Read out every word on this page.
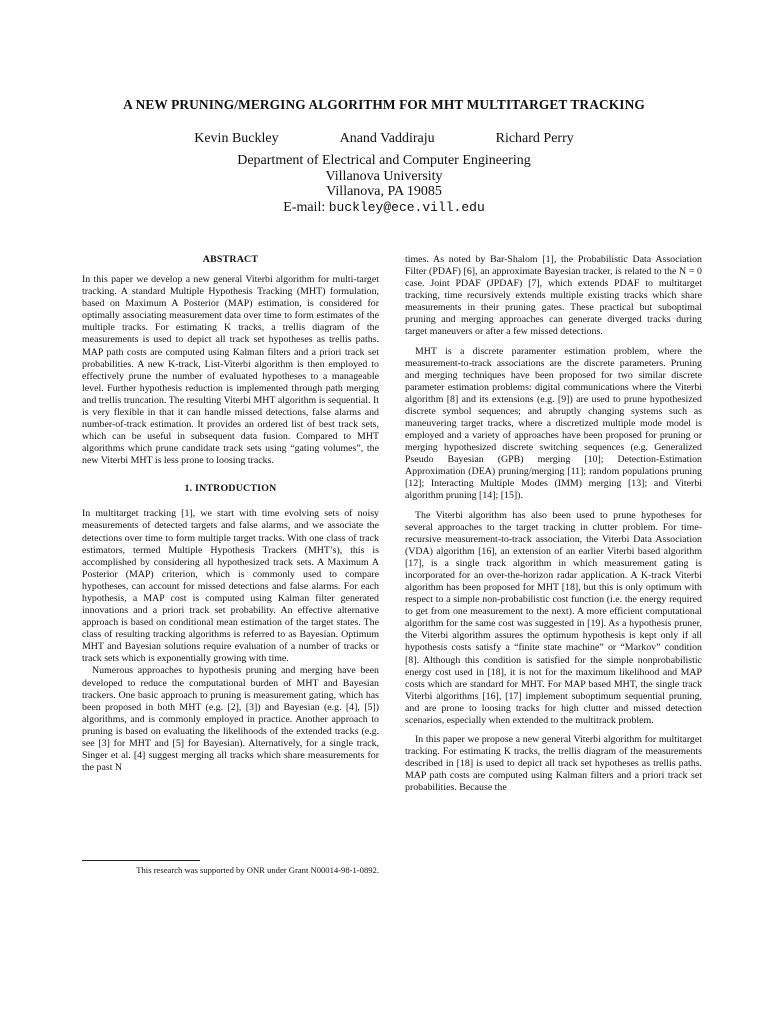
A NEW PRUNING/MERGING ALGORITHM FOR MHT MULTITARGET TRACKING
Kevin Buckley	Anand Vaddiraju	Richard Perry
Department of Electrical and Computer Engineering
Villanova University
Villanova, PA 19085
E-mail: buckley@ece.vill.edu
ABSTRACT

In this paper we develop a new general Viterbi algorithm for multi-target tracking. A standard Multiple Hypothesis Tracking (MHT) formulation, based on Maximum A Posterior (MAP) estimation, is considered for optimally associating measurement data over time to form estimates of the multiple tracks. For estimating K tracks, a trellis diagram of the measurements is used to depict all track set hypotheses as trellis paths. MAP path costs are computed using Kalman filters and a priori track set probabilities. A new K-track, List-Viterbi algorithm is then employed to effectively prune the number of evaluated hypotheses to a manageable level. Further hypothesis reduction is implemented through path merging and trellis truncation. The resulting Viterbi MHT algorithm is sequential. It is very flexible in that it can handle missed detections, false alarms and number-of-track estimation. It provides an ordered list of best track sets, which can be useful in subsequent data fusion. Compared to MHT algorithms which prune candidate track sets using “gating volumes”, the new Viterbi MHT is less prone to loosing tracks.

1. INTRODUCTION

In multitarget tracking [1], we start with time evolving sets of noisy measurements of detected targets and false alarms, and we associate the detections over time to form multiple target tracks. With one class of track estimators, termed Multiple Hypothesis Trackers (MHT’s), this is accomplished by considering all hypothesized track sets. A Maximum A Posterior (MAP) criterion, which is commonly used to compare hypotheses, can account for missed detections and false alarms. For each hypothesis, a MAP cost is computed using Kalman filter generated innovations and a priori track set probability. An effective alternative approach is based on conditional mean estimation of the target states. The class of resulting tracking algorithms is referred to as Bayesian. Optimum MHT and Bayesian solutions require evaluation of a number of tracks or track sets which is exponentially growing with time.

Numerous approaches to hypothesis pruning and merging have been developed to reduce the computational burden of MHT and Bayesian trackers. One basic approach to pruning is measurement gating, which has been proposed in both MHT (e.g. [2], [3]) and Bayesian (e.g. [4], [5]) algorithms, and is commonly employed in practice. Another approach to pruning is based on evaluating the likelihoods of the extended tracks (e.g. see [3] for MHT and [5] for Bayesian). Alternatively, for a single track, Singer et al. [4] suggest merging all tracks which share measurements for the past N

This research was supported by ONR under Grant N00014-98-1-0892.

times. As noted by Bar-Shalom [1], the Probabilistic Data Association Filter (PDAF) [6], an approximate Bayesian tracker, is related to the N = 0 case. Joint PDAF (JPDAF) [7], which extends PDAF to multitarget tracking, time recursively extends multiple existing tracks which share measurements in their pruning gates. These practical but suboptimal pruning and merging approaches can generate diverged tracks during target maneuvers or after a few missed detections.

MHT is a discrete paramenter estimation problem, where the measurement-to-track associations are the discrete parameters. Pruning and merging techniques have been proposed for two similar discrete parameter estimation problems: digital communications where the Viterbi algorithm [8] and its extensions (e.g. [9]) are used to prune hypothesized discrete symbol sequences; and abruptly changing systems such as maneuvering target tracks, where a discretized multiple mode model is employed and a variety of approaches have been proposed for pruning or merging hypothesized discrete switching sequences (e.g. Generalized Pseudo Bayesian (GPB) merging [10]; Detection-Estimation Approximation (DEA) pruning/merging [11]; random populations pruning [12]; Interacting Multiple Modes (IMM) merging [13]; and Viterbi algorithm pruning [14]; [15]).

The Viterbi algorithm has also been used to prune hypotheses for several approaches to the target tracking in clutter problem. For time-recursive measurement-to-track association, the Viterbi Data Association (VDA) algorithm [16], an extension of an earlier Viterbi based algorithm [17], is a single track algorithm in which measurement gating is incorporated for an over-the-horizon radar application. A K-track Viterbi algorithm has been proposed for MHT [18], but this is only optimum with respect to a simple non-probabilistic cost function (i.e. the energy required to get from one measurement to the next). A more efficient computational algorithm for the same cost was suggested in [19]. As a hypothesis pruner, the Viterbi algorithm assures the optimum hypothesis is kept only if all hypothesis costs satisfy a “finite state machine” or “Markov” condition [8]. Although this condition is satisfied for the simple nonprobabilistic energy cost used in [18], it is not for the maximum likelihood and MAP costs which are standard for MHT. For MAP based MHT, the single track Viterbi algorithms [16], [17] implement suboptimum sequential pruning, and are prone to loosing tracks for high clutter and missed detection scenarios, especially when extended to the multitrack problem.

In this paper we propose a new general Viterbi algorithm for multitarget tracking. For estimating K tracks, the trellis diagram of the measurements described in [18] is used to depict all track set hypotheses as trellis paths. MAP path costs are computed using Kalman filters and a priori track set probabilities. Because the
